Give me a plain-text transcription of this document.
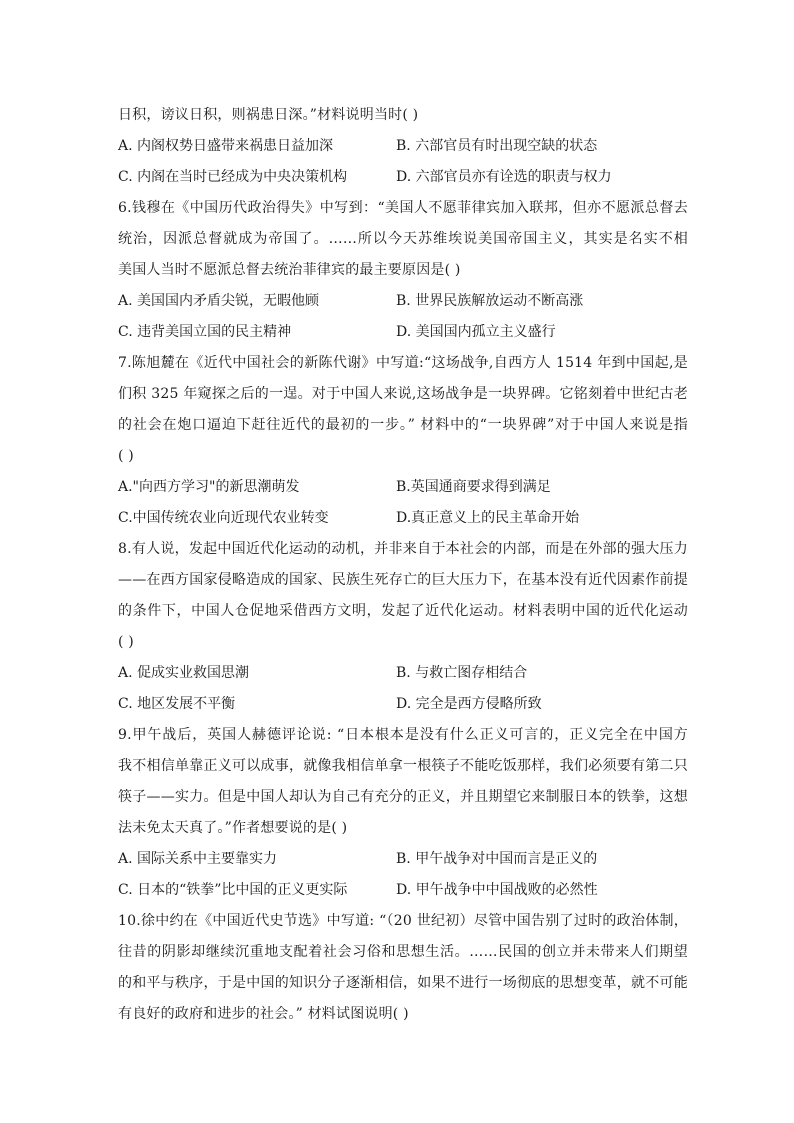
日积，谤议日积，则祸患日深。”材料说明当时( )
A. 内阁权势日盛带来祸患日益加深	B. 六部官员有时出现空缺的状态
C. 内阁在当时已经成为中央决策机构	D. 六部官员亦有诠选的职责与权力
6.钱穆在《中国历代政治得失》中写到：“美国人不愿菲律宾加入联邦，但亦不愿派总督去
统治，因派总督就成为帝国了。……所以今天苏维埃说美国帝国主义，其实是名实不相
美国人当时不愿派总督去统治菲律宾的最主要原因是( )
A. 美国国内矛盾尖锐，无暇他顾	B. 世界民族解放运动不断高涨
C. 违背美国立国的民主精神	D. 美国国内孤立主义盛行
7.陈旭麓在《近代中国社会的新陈代谢》中写道:“这场战争,自西方人 1514 年到中国起,是
们积 325 年窥探之后的一逞。对于中国人来说,这场战争是一块界碑。它铭刻着中世纪古老
的社会在炮口逼迫下赶往近代的最初的一步。” 材料中的“一块界碑”对于中国人来说是指
( )
A."向西方学习"的新思潮萌发	B.英国通商要求得到满足
C.中国传统农业向近现代农业转变	D.真正意义上的民主革命开始
8.有人说，发起中国近代化运动的动机，并非来自于本社会的内部，而是在外部的强大压力
——在西方国家侵略造成的国家、民族生死存亡的巨大压力下，在基本没有近代因素作前提
的条件下，中国人仓促地采借西方文明，发起了近代化运动。材料表明中国的近代化运动
( )
A. 促成实业救国思潮	B. 与救亡图存相结合
C. 地区发展不平衡	D. 完全是西方侵略所致
9.甲午战后，英国人赫德评论说: “日本根本是没有什么正义可言的，正义完全在中国方
我不相信单靠正义可以成事，就像我相信单拿一根筷子不能吃饭那样，我们必须要有第二只
筷子——实力。但是中国人却认为自己有充分的正义，并且期望它来制服日本的铁拳，这想
法未免太天真了。”作者想要说的是( )
A. 国际关系中主要靠实力	B. 甲午战争对中国而言是正义的
C. 日本的“铁拳”比中国的正义更实际	D. 甲午战争中中国战败的必然性
10.徐中约在《中国近代史节选》中写道: “（20 世纪初）尽管中国告别了过时的政治体制，
往昔的阴影却继续沉重地支配着社会习俗和思想生活。……民国的创立并未带来人们期望
的和平与秩序，于是中国的知识分子逐渐相信，如果不进行一场彻底的思想变革，就不可能
有良好的政府和进步的社会。” 材料试图说明( )
